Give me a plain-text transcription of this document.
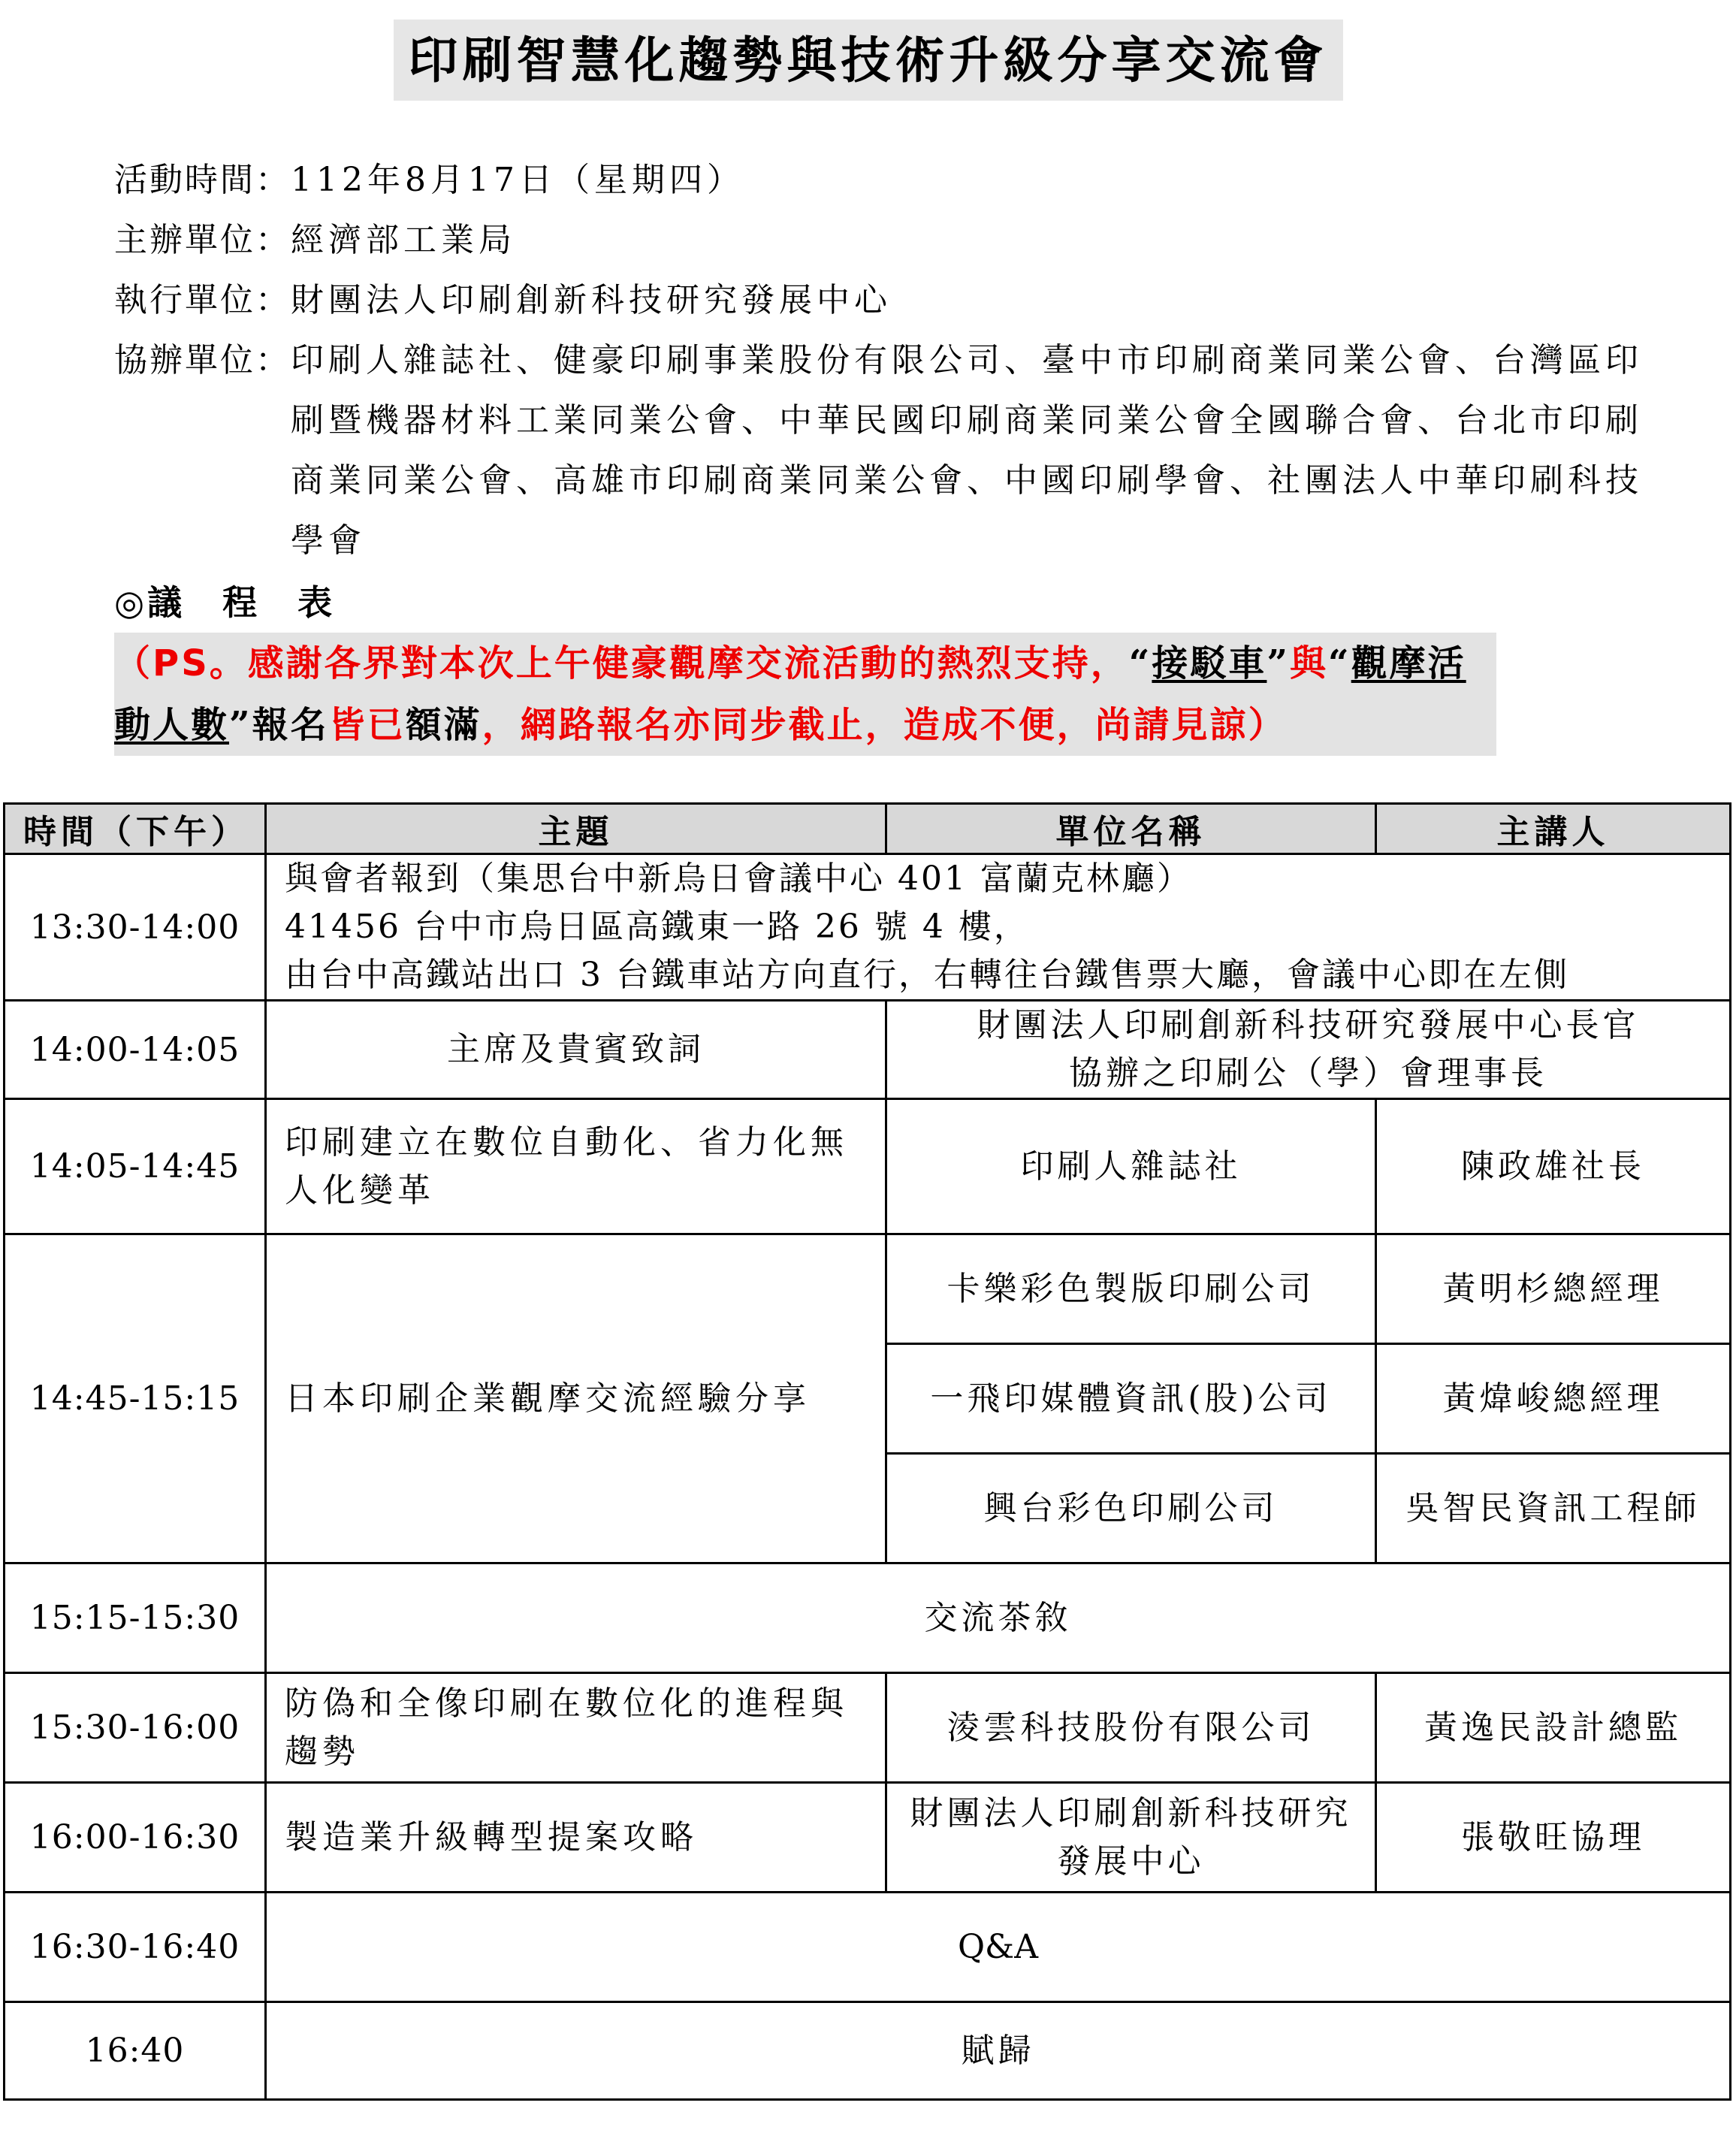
印刷智慧化趨勢與技術升級分享交流會
活動時間： 112年8月17日（星期四）
主辦單位： 經濟部工業局
執行單位： 財團法人印刷創新科技研究發展中心
協辦單位： 印刷人雜誌社、健豪印刷事業股份有限公司、臺中市印刷商業同業公會、台灣區印刷暨機器材料工業同業公會、中華民國印刷商業同業公會全國聯合會、台北市印刷商業同業公會、高雄市印刷商業同業公會、中國印刷學會、社團法人中華印刷科技學會
◎議　程　表
（PS。感謝各界對本次上午健豪觀摩交流活動的熱烈支持，“接駁車”與“觀摩活動人數”報名皆已額滿，網路報名亦同步截止，造成不便，尚請見諒）
時間（下午）	主題	單位名稱	主講人
13:30-14:00	與會者報到（集思台中新烏日會議中心 401 富蘭克林廳）
41456 台中市烏日區高鐵東一路 26 號 4 樓，
由台中高鐵站出口 3 台鐵車站方向直行，右轉往台鐵售票大廳，會議中心即在左側		

14:00-14:05	主席及貴賓致詞	財團法人印刷創新科技研究發展中心長官
協辦之印刷公（學）會理事長	

14:05-14:45	印刷建立在數位自動化、省力化無人化變革	印刷人雜誌社	陳政雄社長
14:45-15:15	日本印刷企業觀摩交流經驗分享	卡樂彩色製版印刷公司	黃明杉總經理
		一飛印媒體資訊(股)公司	黃煒峻總經理
		興台彩色印刷公司	吳智民資訊工程師
15:15-15:30	交流茶敘		
15:30-16:00	防偽和全像印刷在數位化的進程與趨勢	淩雲科技股份有限公司	黃逸民設計總監
16:00-16:30	製造業升級轉型提案攻略	財團法人印刷創新科技研究發展中心	張敬旺協理
16:30-16:40	Q&A		
16:40	賦歸		
